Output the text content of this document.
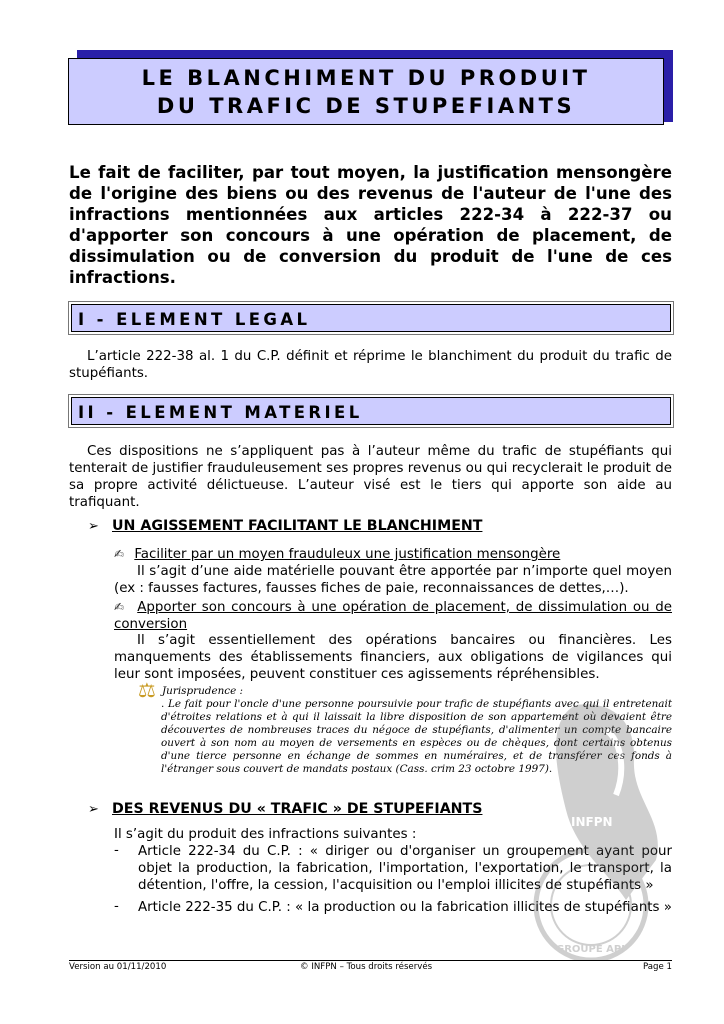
LE BLANCHIMENT DU PRODUIT
DU TRAFIC DE STUPEFIANTS
Le fait de faciliter, par tout moyen, la justification mensongère de l'origine des biens ou des revenus de l'auteur de l'une des infractions mentionnées aux articles 222-34 à 222-37 ou d'apporter son concours à une opération de placement, de dissimulation ou de conversion du produit de l'une de ces infractions.
I - ELEMENT LEGAL
L’article 222-38 al. 1 du C.P. définit et réprime le blanchiment du produit du trafic de stupéfiants.
II - ELEMENT MATERIEL
Ces dispositions ne s’appliquent pas à l’auteur même du trafic de stupéfiants qui tenterait de justifier frauduleusement ses propres revenus ou qui recyclerait le produit de sa propre activité délictueuse. L’auteur visé est le tiers qui apporte son aide au trafiquant.
➢ UN AGISSEMENT FACILITANT LE BLANCHIMENT
✍ Faciliter par un moyen frauduleux une justification mensongère
Il s’agit d’une aide matérielle pouvant être apportée par n’importe quel moyen (ex : fausses factures, fausses fiches de paie, reconnaissances de dettes,…).
✍ Apporter son concours à une opération de placement, de dissimulation ou de conversion
Il s’agit essentiellement des opérations bancaires ou financières. Les manquements des établissements financiers, aux obligations de vigilances qui leur sont imposées, peuvent constituer ces agissements répréhensibles.
⚖ Jurisprudence :
. Le fait pour l'oncle d'une personne poursuivie pour trafic de stupéfiants avec qui il entretenait d'étroites relations et à qui il laissait la libre disposition de son appartement où devaient être découvertes de nombreuses traces du négoce de stupéfiants, d'alimenter un compte bancaire ouvert à son nom au moyen de versements en espèces ou de chèques, dont certains obtenus d'une tierce personne en échange de sommes en numéraires, et de transférer ces fonds à l'étranger sous couvert de mandats postaux (Cass. crim 23 octobre 1997).
➢ DES REVENUS DU « TRAFIC » DE STUPEFIANTS
Il s’agit du produit des infractions suivantes :
- Article 222-34 du C.P. : « diriger ou d'organiser un groupement ayant pour objet la production, la fabrication, l'importation, l'exportation, le transport, la détention, l'offre, la cession, l'acquisition ou l'emploi illicites de stupéfiants »
- Article 222-35 du C.P. : « la production ou la fabrication illicites de stupéfiants »
INFPN
GROUPE API
Version au 01/11/2010	© INFPN – Tous droits réservés	Page 1
